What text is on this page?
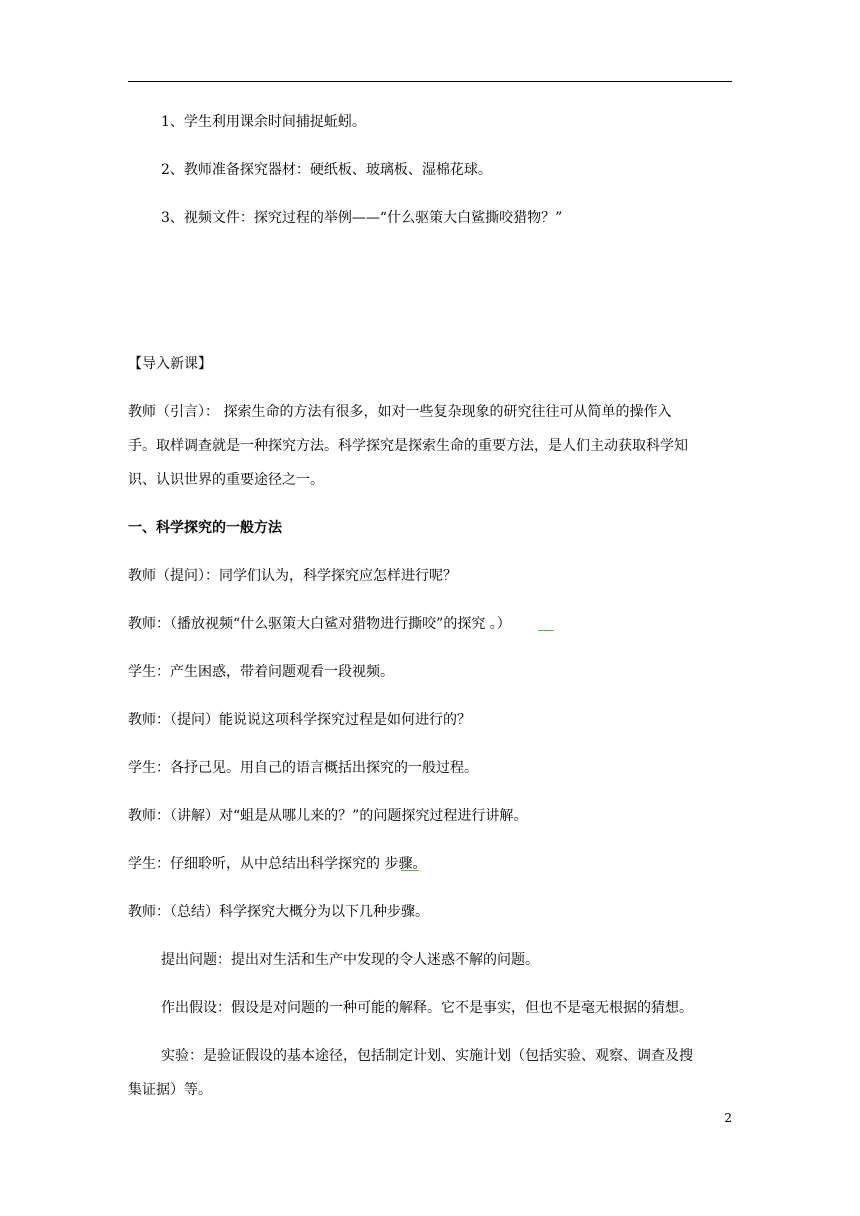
1、学生利用课余时间捕捉蚯蚓。
2、教师准备探究器材：硬纸板、玻璃板、湿棉花球。
3、视频文件：探究过程的举例——“什么驱策大白鲨撕咬猎物？”
【导入新课】
教师（引言）： 探索生命的方法有很多，如对一些复杂现象的研究往往可从简单的操作入
手。取样调查就是一种探究方法。科学探究是探索生命的重要方法，是人们主动获取科学知
识、认识世界的重要途径之一。
一、科学探究的一般方法
教师（提问）：同学们认为，科学探究应怎样进行呢？
教师：（播放视频“什么驱策大白鲨对猎物进行撕咬”的探究 。）
学生：产生困惑，带着问题观看一段视频。
教师：（提问）能说说这项科学探究过程是如何进行的？
学生：各抒己见。用自己的语言概括出探究的一般过程。
教师：（讲解）对“蛆是从哪儿来的？”的问题探究过程进行讲解。
学生：仔细聆听，从中总结出科学探究的 步骤。
教师：（总结）科学探究大概分为以下几种步骤。
提出问题：提出对生活和生产中发现的令人迷惑不解的问题。
作出假设：假设是对问题的一种可能的解释。它不是事实，但也不是毫无根据的猜想。
实验：是验证假设的基本途径，包括制定计划、实施计划（包括实验、观察、调查及搜
集证据）等。
2
